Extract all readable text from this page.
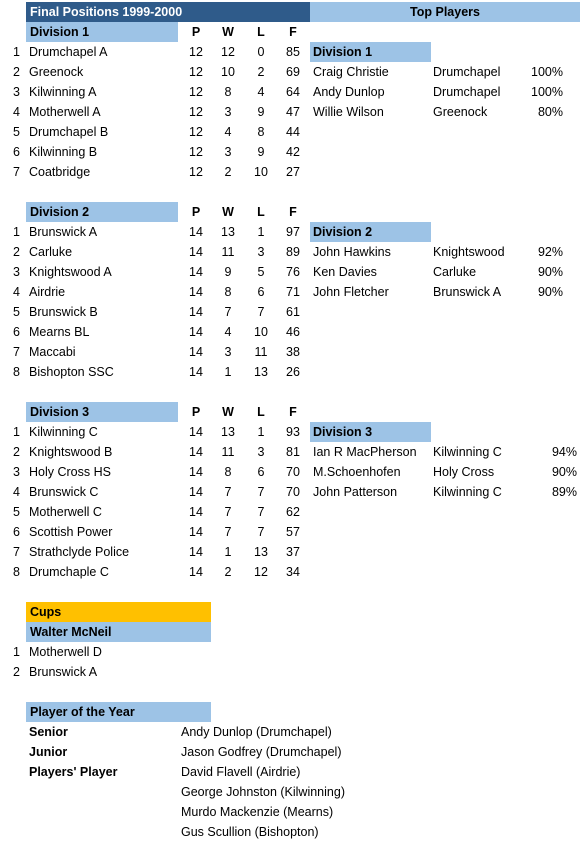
Final Positions 1999-2000	Top Players
Division 1	P	W	L	F
1 Drumchapel A	12	12	0	85
2 Greenock	12	10	2	69
3 Kilwinning A	12	8	4	64
4 Motherwell A	12	3	9	47
5 Drumchapel B	12	4	8	44
6 Kilwinning B	12	3	9	42
7 Coatbridge	12	2	10	27
Division 2	P	W	L	F
1 Brunswick A	14	13	1	97
2 Carluke	14	11	3	89
3 Knightswood A	14	9	5	76
4 Airdrie	14	8	6	71
5 Brunswick B	14	7	7	61
6 Mearns BL	14	4	10	46
7 Maccabi	14	3	11	38
8 Bishopton SSC	14	1	13	26
Division 3	P	W	L	F
1 Kilwinning C	14	13	1	93
2 Knightswood B	14	11	3	81
3 Holy Cross HS	14	8	6	70
4 Brunswick C	14	7	7	70
5 Motherwell C	14	7	7	62
6 Scottish Power	14	7	7	57
7 Strathclyde Police	14	1	13	37
8 Drumchaple C	14	2	12	34
Division 1
Craig Christie	Drumchapel	100%
Andy Dunlop	Drumchapel	100%
Willie Wilson	Greenock	80%
Division 2
John Hawkins	Knightswood	92%
Ken Davies	Carluke	90%
John Fletcher	Brunswick A	90%
Division 3
Ian R MacPherson	Kilwinning C	94%
M.Schoenhofen	Holy Cross	90%
John Patterson	Kilwinning C	89%
Cups
Walter McNeil
1 Motherwell D
2 Brunswick A
Player of the Year
Senior	Andy Dunlop (Drumchapel)
Junior	Jason Godfrey (Drumchapel)
Players' Player	David Flavell (Airdrie)
George Johnston (Kilwinning)
Murdo Mackenzie (Mearns)
Gus Scullion (Bishopton)
